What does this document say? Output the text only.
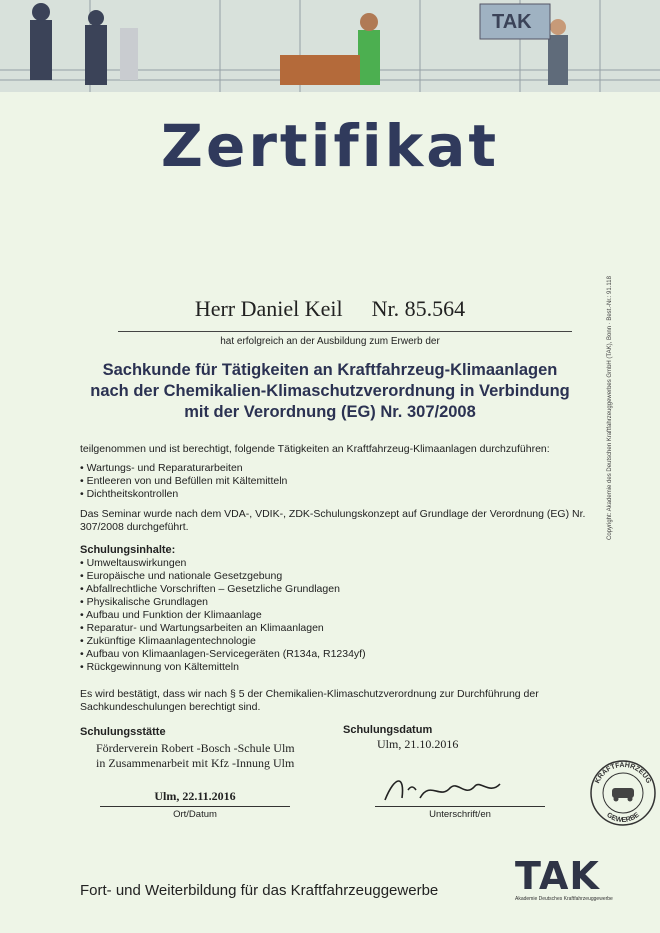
TAK
Zertifikat
Herr Daniel Keil Nr. 85.564
hat erfolgreich an der Ausbildung zum Erwerb der
Sachkunde für Tätigkeiten an Kraftfahrzeug-Klimaanlagen
nach der Chemikalien-Klimaschutzverordnung in Verbindung
mit der Verordnung (EG) Nr. 307/2008
teilgenommen und ist berechtigt, folgende Tätigkeiten an Kraftfahrzeug-Klimaanlagen durchzuführen:
• Wartungs- und Reparaturarbeiten
• Entleeren von und Befüllen mit Kältemitteln
• Dichtheitskontrollen
Das Seminar wurde nach dem VDA-, VDIK-, ZDK-Schulungskonzept auf Grundlage der Verordnung (EG) Nr. 307/2008 durchgeführt.
Schulungsinhalte:
• Umweltauswirkungen
• Europäische und nationale Gesetzgebung
• Abfallrechtliche Vorschriften – Gesetzliche Grundlagen
• Physikalische Grundlagen
• Aufbau und Funktion der Klimaanlage
• Reparatur- und Wartungsarbeiten an Klimaanlagen
• Zukünftige Klimaanlagentechnologie
• Aufbau von Klimaanlagen-Servicegeräten (R134a, R1234yf)
• Rückgewinnung von Kältemitteln
Es wird bestätigt, dass wir nach § 5 der Chemikalien-Klimaschutzverordnung zur Durchführung der Sachkundeschulungen berechtigt sind.
Schulungsstätte
Förderverein Robert -Bosch -Schule Ulm
in Zusammenarbeit mit Kfz -Innung Ulm
Schulungsdatum
Ulm, 21.10.2016
Ulm, 22.11.2016
Ort/Datum	Unterschrift/en
Fort- und Weiterbildung für das Kraftfahrzeuggewerbe TAK
Akademie Deutsches Kraftfahrzeuggewerbe
Copyright: Akademie des Deutschen Kraftfahrzeuggewerbes GmbH (TAK), Bonn · Best.-Nr.: 91.118
KRAFTFAHRZEUG
GEWERBE
